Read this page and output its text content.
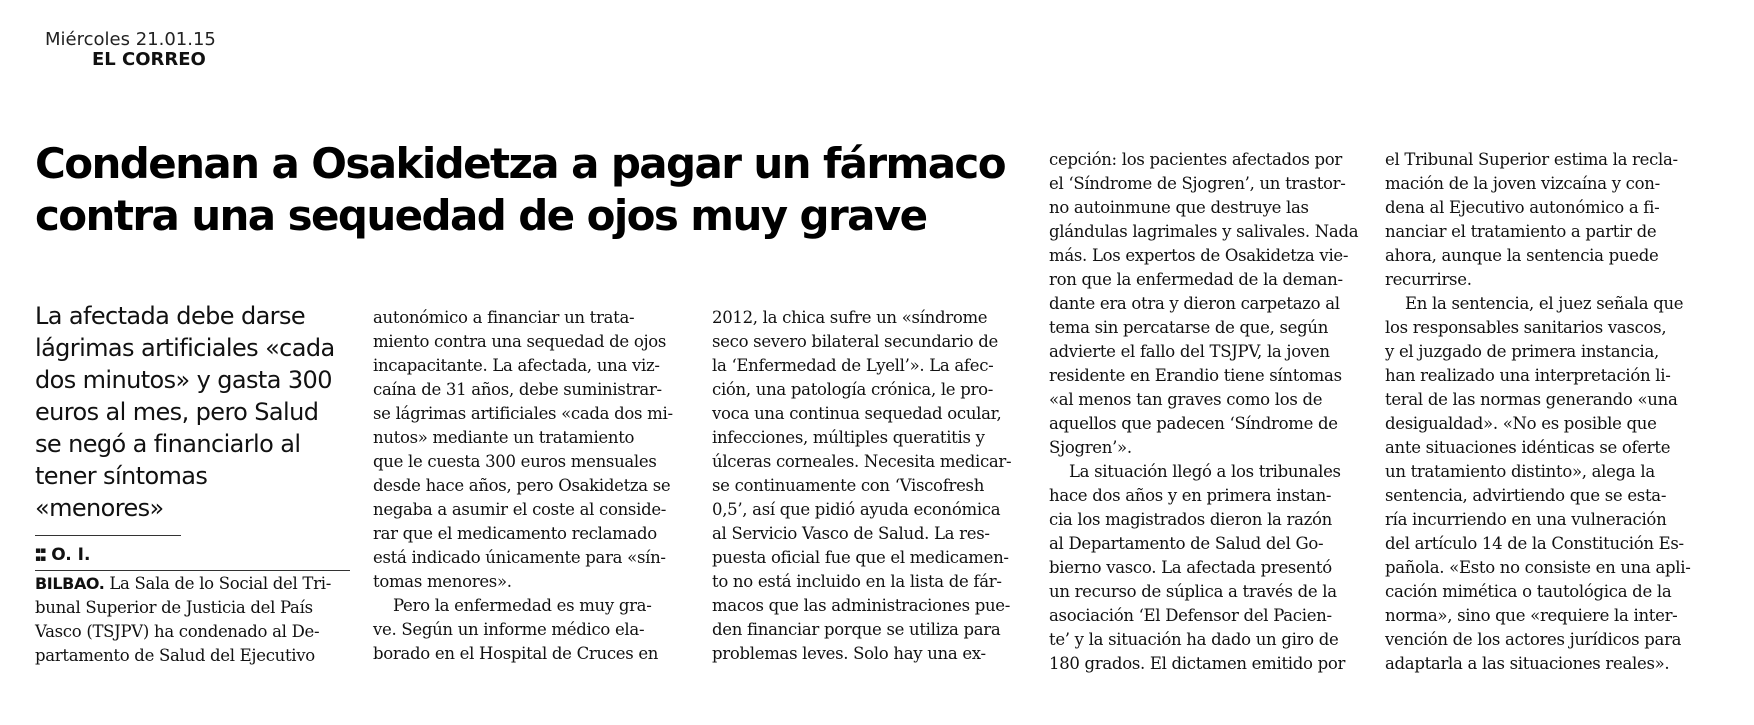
Miércoles 21.01.15
EL CORREO
Condenan a Osakidetza a pagar un fármaco
contra una sequedad de ojos muy grave
La afectada debe darse
lágrimas artificiales «cada
dos minutos» y gasta 300
euros al mes, pero Salud
se negó a financiarlo al
tener síntomas
«menores»
▪▪
▪▪ O. I.
BILBAO. La Sala de lo Social del Tri-
bunal Superior de Justicia del País
Vasco (TSJPV) ha condenado al De-
partamento de Salud del Ejecutivo
autonómico a financiar un trata-
miento contra una sequedad de ojos
incapacitante. La afectada, una viz-
caína de 31 años, debe suministrar-
se lágrimas artificiales «cada dos mi-
nutos» mediante un tratamiento
que le cuesta 300 euros mensuales
desde hace años, pero Osakidetza se
negaba a asumir el coste al conside-
rar que el medicamento reclamado
está indicado únicamente para «sín-
tomas menores».
Pero la enfermedad es muy gra-
ve. Según un informe médico ela-
borado en el Hospital de Cruces en
2012, la chica sufre un «síndrome
seco severo bilateral secundario de
la ‘Enfermedad de Lyell’». La afec-
ción, una patología crónica, le pro-
voca una continua sequedad ocular,
infecciones, múltiples queratitis y
úlceras corneales. Necesita medicar-
se continuamente con ‘Viscofresh
0,5’, así que pidió ayuda económica
al Servicio Vasco de Salud. La res-
puesta oficial fue que el medicamen-
to no está incluido en la lista de fár-
macos que las administraciones pue-
den financiar porque se utiliza para
problemas leves. Solo hay una ex-
cepción: los pacientes afectados por
el ‘Síndrome de Sjogren’, un trastor-
no autoinmune que destruye las
glándulas lagrimales y salivales. Nada
más. Los expertos de Osakidetza vie-
ron que la enfermedad de la deman-
dante era otra y dieron carpetazo al
tema sin percatarse de que, según
advierte el fallo del TSJPV, la joven
residente en Erandio tiene síntomas
«al menos tan graves como los de
aquellos que padecen ‘Síndrome de
Sjogren’».
La situación llegó a los tribunales
hace dos años y en primera instan-
cia los magistrados dieron la razón
al Departamento de Salud del Go-
bierno vasco. La afectada presentó
un recurso de súplica a través de la
asociación ‘El Defensor del Pacien-
te’ y la situación ha dado un giro de
180 grados. El dictamen emitido por
el Tribunal Superior estima la recla-
mación de la joven vizcaína y con-
dena al Ejecutivo autonómico a fi-
nanciar el tratamiento a partir de
ahora, aunque la sentencia puede
recurrirse.
En la sentencia, el juez señala que
los responsables sanitarios vascos,
y el juzgado de primera instancia,
han realizado una interpretación li-
teral de las normas generando «una
desigualdad». «No es posible que
ante situaciones idénticas se oferte
un tratamiento distinto», alega la
sentencia, advirtiendo que se esta-
ría incurriendo en una vulneración
del artículo 14 de la Constitución Es-
pañola. «Esto no consiste en una apli-
cación mimética o tautológica de la
norma», sino que «requiere la inter-
vención de los actores jurídicos para
adaptarla a las situaciones reales».
